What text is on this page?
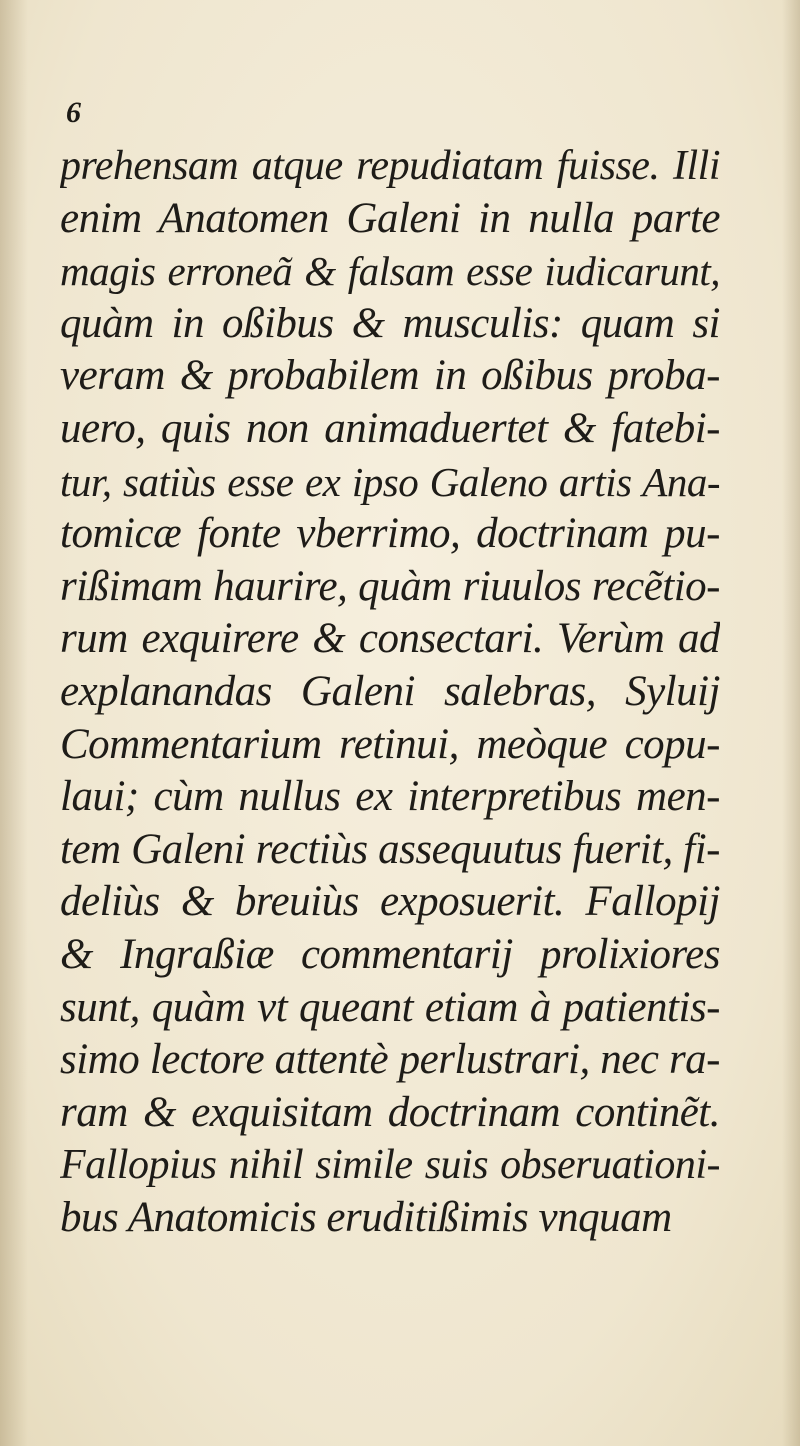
6
prehensam atque repudiatam fuisse. Illi
enim Anatomen Galeni in nulla parte
magis erroneã & falsam esse iudicarunt,
quàm in oßibus & musculis: quam si
veram & probabilem in oßibus proba-
uero, quis non animaduertet & fatebi-
tur, satiùs esse ex ipso Galeno artis Ana-
tomicæ fonte vberrimo, doctrinam pu-
rißimam haurire, quàm riuulos recẽtio-
rum exquirere & consectari. Verùm ad
explanandas Galeni salebras, Syluij
Commentarium retinui, meòque copu-
laui; cùm nullus ex interpretibus men-
tem Galeni rectiùs assequutus fuerit, fi-
deliùs & breuiùs exposuerit. Fallopij
& Ingraßiæ commentarij prolixiores
sunt, quàm vt queant etiam à patientis-
simo lectore attentè perlustrari, nec ra-
ram & exquisitam doctrinam continẽt.
Fallopius nihil simile suis obseruationi-
bus Anatomicis eruditißimis vnquam
